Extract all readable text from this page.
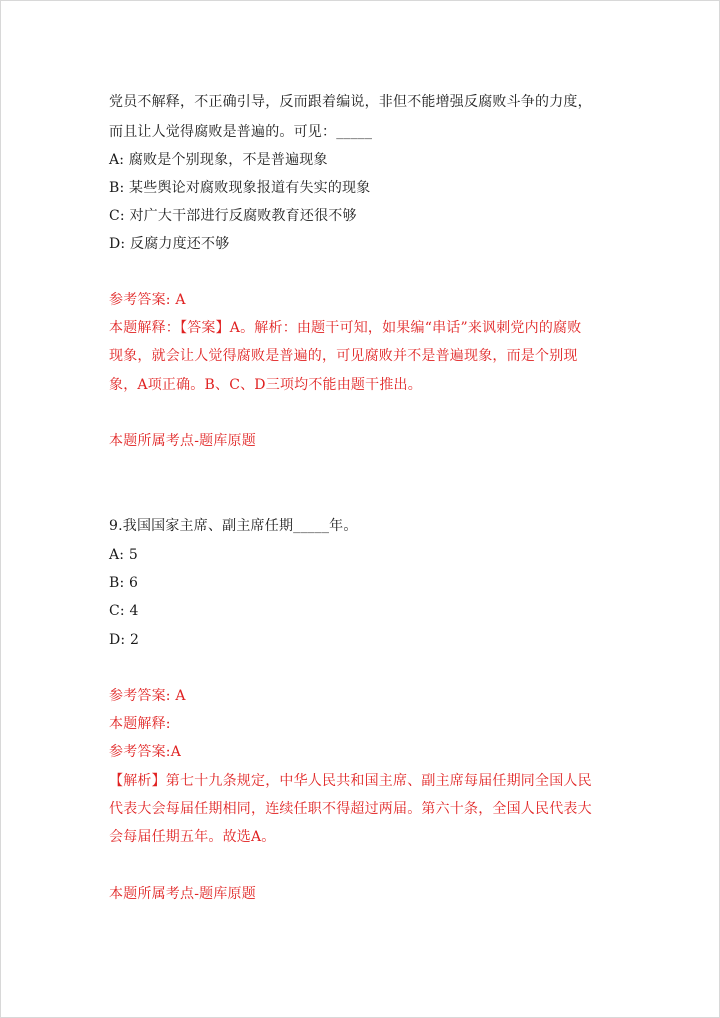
党员不解释，不正确引导，反而跟着编说，非但不能增强反腐败斗争的力度，
而且让人觉得腐败是普遍的。可见：_____
A: 腐败是个别现象，不是普遍现象
B: 某些舆论对腐败现象报道有失实的现象
C: 对广大干部进行反腐败教育还很不够
D: 反腐力度还不够
参考答案: A
本题解释：【答案】A。解析：由题干可知，如果编“串话”来讽刺党内的腐败
现象，就会让人觉得腐败是普遍的，可见腐败并不是普遍现象，而是个别现
象，A项正确。B、C、D三项均不能由题干推出。
本题所属考点-题库原题
9.我国国家主席、副主席任期_____年。
A: 5
B: 6
C: 4
D: 2
参考答案: A
本题解释:
参考答案:A
【解析】第七十九条规定，中华人民共和国主席、副主席每届任期同全国人民
代表大会每届任期相同，连续任职不得超过两届。第六十条，全国人民代表大
会每届任期五年。故选A。
本题所属考点-题库原题
